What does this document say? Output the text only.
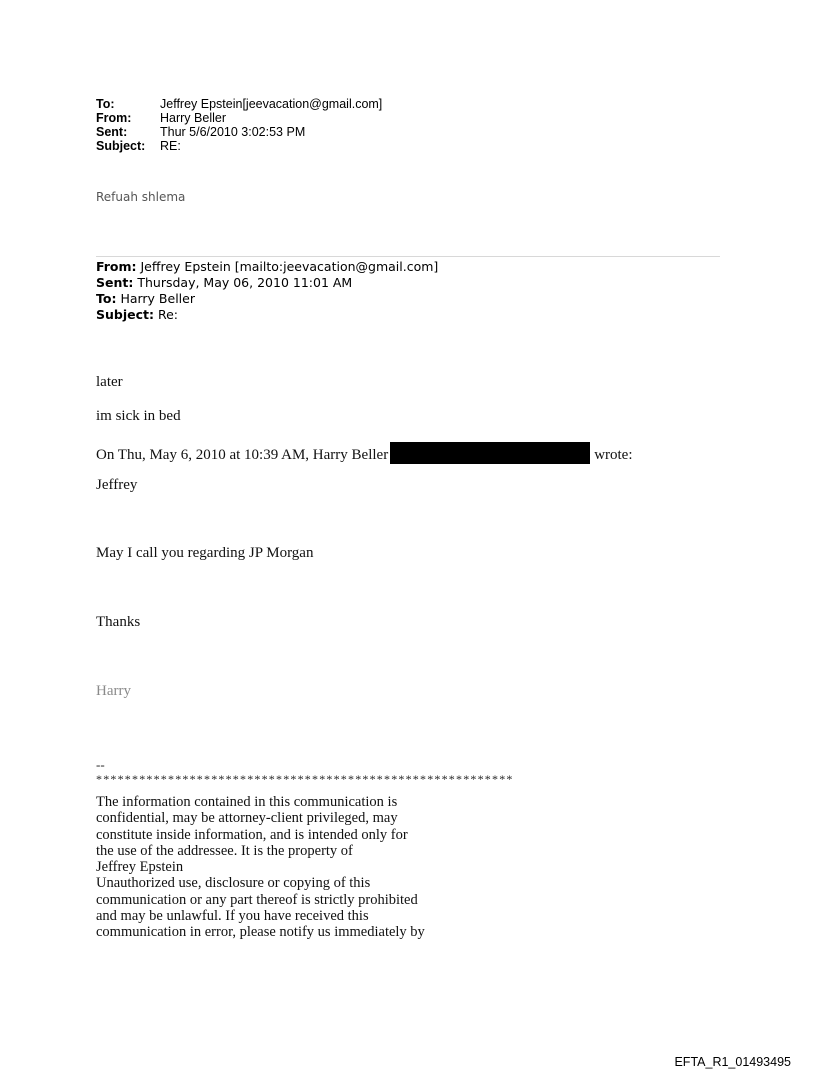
To:	Jeffrey Epstein[jeevacation@gmail.com]
From:	Harry Beller
Sent:	Thur 5/6/2010 3:02:53 PM
Subject:	RE:
Refuah shlema
From: Jeffrey Epstein [mailto:jeevacation@gmail.com]
Sent: Thursday, May 06, 2010 11:01 AM
To: Harry Beller
Subject: Re:
later
im sick in bed
On Thu, May 6, 2010 at 10:39 AM, Harry Beller	wrote:
Jeffrey
May I call you regarding JP Morgan
Thanks
Harry
--
**********************************************************
The information contained in this communication is
confidential, may be attorney-client privileged, may
constitute inside information, and is intended only for
the use of the addressee. It is the property of
Jeffrey Epstein
Unauthorized use, disclosure or copying of this
communication or any part thereof is strictly prohibited
and may be unlawful. If you have received this
communication in error, please notify us immediately by
EFTA_R1_01493495
